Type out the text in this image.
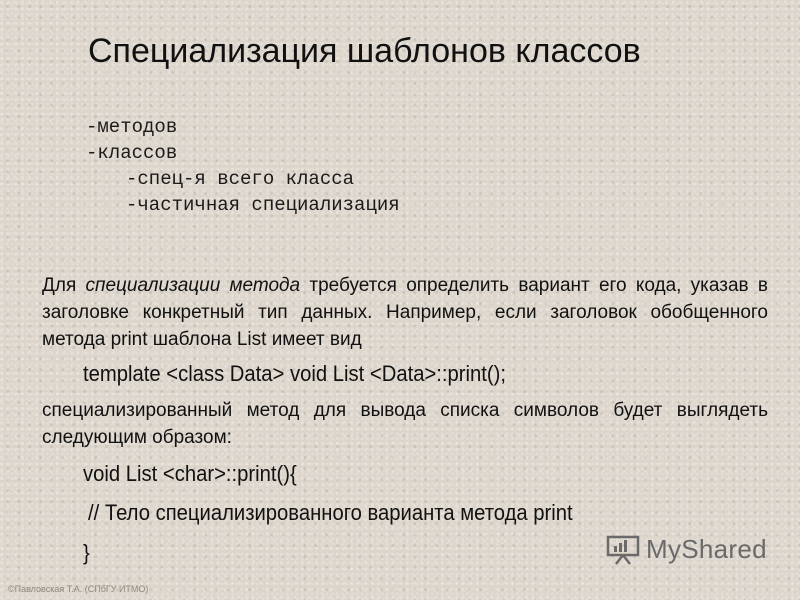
Специализация шаблонов классов
-методов
-классов
-спец-я всего класса
-частичная специализация
Для специализации метода требуется определить вариант его кода, указав в заголовке конкретный тип данных. Например, если заголовок обобщенного метода print шаблона List имеет вид
template <class Data> void List <Data>::print();
специализированный метод для вывода списка символов будет выглядеть следующим образом:
void List <char>::print(){
// Тело специализированного варианта метода print
}	MyShared
©Павловская Т.А. (СПбГУ ИТМО)
